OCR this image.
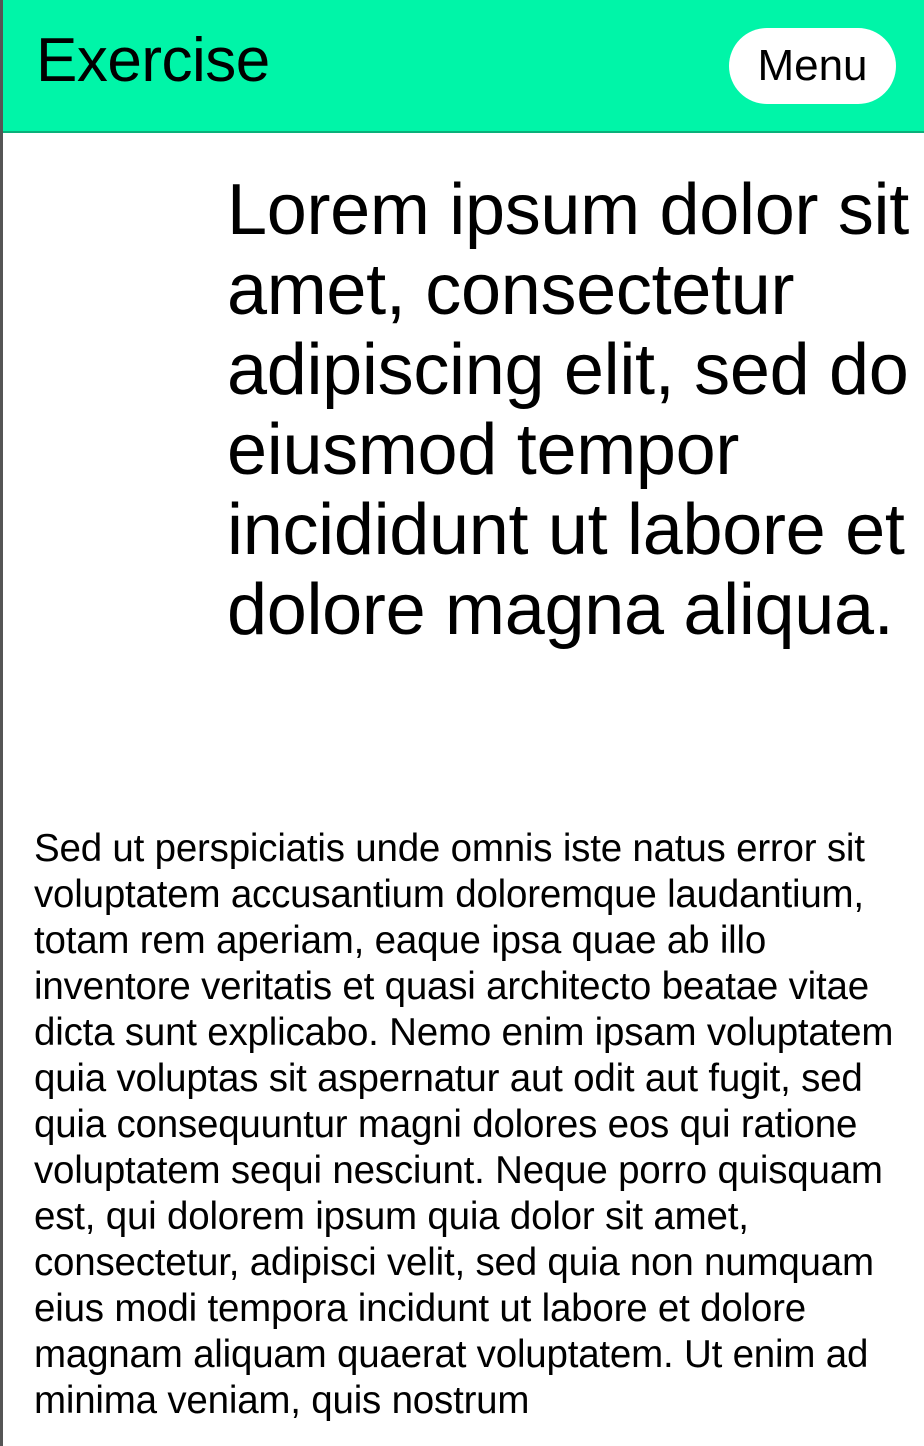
Exercise	Menu
Lorem ipsum dolor sit amet, consectetur adipiscing elit, sed do eiusmod tempor incididunt ut labore et dolore magna aliqua.

Sed ut perspiciatis unde omnis iste natus error sit voluptatem accusantium doloremque laudantium, totam rem aperiam, eaque ipsa quae ab illo inventore veritatis et quasi architecto beatae vitae dicta sunt explicabo. Nemo enim ipsam voluptatem quia voluptas sit aspernatur aut odit aut fugit, sed quia consequuntur magni dolores eos qui ratione voluptatem sequi nesciunt. Neque porro quisquam est, qui dolorem ipsum quia dolor sit amet, consectetur, adipisci velit, sed quia non numquam eius modi tempora incidunt ut labore et dolore magnam aliquam quaerat voluptatem. Ut enim ad minima veniam, quis nostrum
